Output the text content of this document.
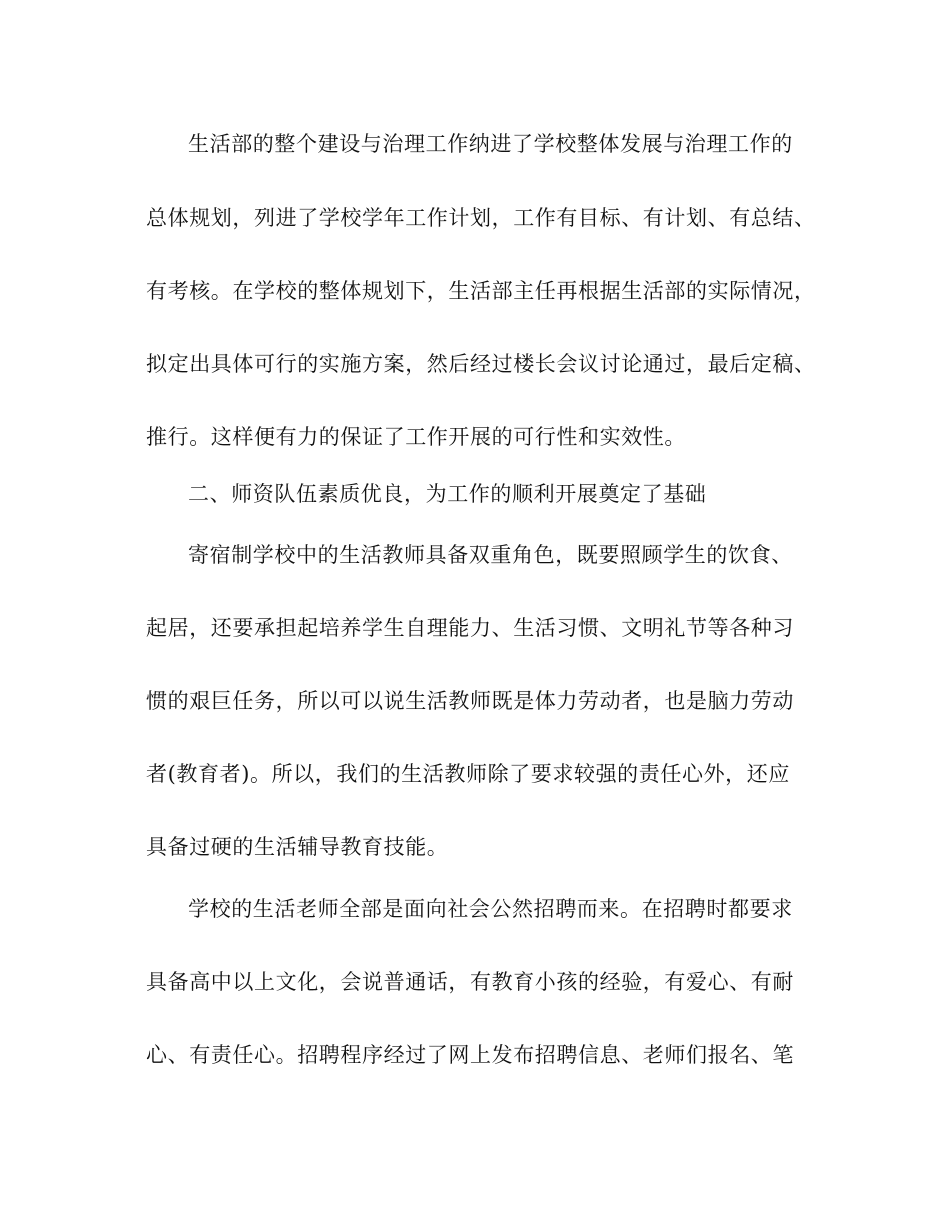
生活部的整个建设与治理工作纳进了学校整体发展与治理工作的
总体规划，列进了学校学年工作计划，工作有目标、有计划、有总结、
有考核。在学校的整体规划下，生活部主任再根据生活部的实际情况，
拟定出具体可行的实施方案，然后经过楼长会议讨论通过，最后定稿、
推行。这样便有力的保证了工作开展的可行性和实效性。
二、师资队伍素质优良，为工作的顺利开展奠定了基础
寄宿制学校中的生活教师具备双重角色，既要照顾学生的饮食、
起居，还要承担起培养学生自理能力、生活习惯、文明礼节等各种习
惯的艰巨任务，所以可以说生活教师既是体力劳动者，也是脑力劳动
者(教育者)。所以，我们的生活教师除了要求较强的责任心外，还应
具备过硬的生活辅导教育技能。
学校的生活老师全部是面向社会公然招聘而来。在招聘时都要求
具备高中以上文化，会说普通话，有教育小孩的经验，有爱心、有耐
心、有责任心。招聘程序经过了网上发布招聘信息、老师们报名、笔
